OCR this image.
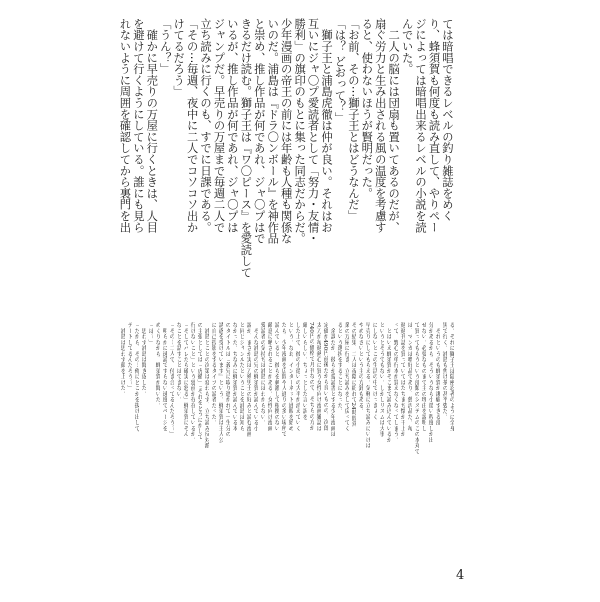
ては暗唱できるレベルの釣り雑誌をめく
り、蜂須賀も何度も読み直して、やりペー
ジによっては暗唱出来るレベルの小説を読
んでいた。
　二人の脳には団扇も置いてあるのだが、
扇ぐ労力と生み出される風の温度を考慮す
ると、使わないほうが賢明だった。
「お前、その⋯獅子王とはどうなんだ」
「は？ どおって？」
　獅子王と浦島虎徹は仲が良い。それはお
互いにジャ〇プ愛読者として「努力・友情・
勝利」の旗印のもとに集った同志だからだ。
少年漫画の帝王の前には年齢も人種も関係な
いのだ。浦島は『ドラ〇ンボール』を神作品
と崇め、推し作品が何であれ、ジャ〇プはで
きるだけ読む。獅子王は『ワ〇ピース』を愛読して
いるが、推し作品が何であれ、ジャ〇プは
ジャンプだ。早売りの万屋まで毎週二人で
立ち読みに行くのも、すでに日課である。
「その⋯毎週、夜中に二人でコソコソ出か
けてるだろう」
「うん？」
　確かに早売りの万屋に行くときは、人目
を避けて行くようにしている。誰にも見ら
れないように周囲を確認してから裏門を出
る。それに獅子王は隠密忍者のように全身
黒で行く。浦島も焦げ茶の甚平姿だ。
　それというのも蜂須賀が潔癖すぎる部
分があるから、そういうなら小遣い程度しか出
せない。必要なものまで主の理由を説明し
て買ってもらうという部類のシステムのこの本丸で
は、マンガは嗜好品であり、贅沢品だ。毎
週週刊誌を買っていてはたちまち懐が干上が
って、野心の単行本が買えなくなってしまう。
　とはいえ蜂須賀がそこまで読み込んでいるか
というとそうでもない。しかしリズムは大事
にしないとこの生活の中でけっきょく
早売りにしてもらえる。気軽に立ち読みにいけば
やめなさいという主の方針もある。
その結果、二人は夜陰に紛れて24時間営
業の万屋に行き、立ち読みをして戻ってく
るという選択をすることになった。
　余談だが、彼らが愛読書とする少年漫画は
定価が490円前後だから良いものの、次郎
太刀が毎週熱心に買う女性向け漫画雑誌は
740円の価格で月刊なので、そちらの方が
厳しいらしい。ちょっとした言い訳を
した上で、彼の小遣いの大半が消えていく
という。なお、インターネット通販を始め
たら、少年漫画を広間や人通りの多い場所で
読んでいると、彼らを刺激して根拠のない
敵意に晒されることがある。女性向け漫画
愛読者の気持ちは浦島にはわからない。
　そんな浦島の兄の蜂須賀が読んでいる小
説が、まさか実は刀剣男士の好みと読む漫画
と同じジャンルだということを浦島は知ら
なかった。ちなみに蜂須賀が読んでいる本
のタイトルは『義兄に取り憑かれて一生分の
誘惑を受けています』という。蜂須賀は主人公
に自己投影をするタイプの読者だった。
　浦島とことの次第は変わらず、立ち読み反対派
の主張としては「虎徹」「それをどうにかして
行けないこと」という建前が存在しているが。
「そしてバレたら確実に怒る」蜂須賀にそん
なことを話すことはできない。
「その⋯二人で、付き合ってるんだろう？」
　明らかに速読ですらない速度でページを
めくりながら、蜂須賀が聞いた。
「は？」
　思わず浦島は聞き返した。
「だから、その⋯俺にどこかを抜け出して、
デートしてるんだろう？」
　浦島は思わず顔を上げた。
4
